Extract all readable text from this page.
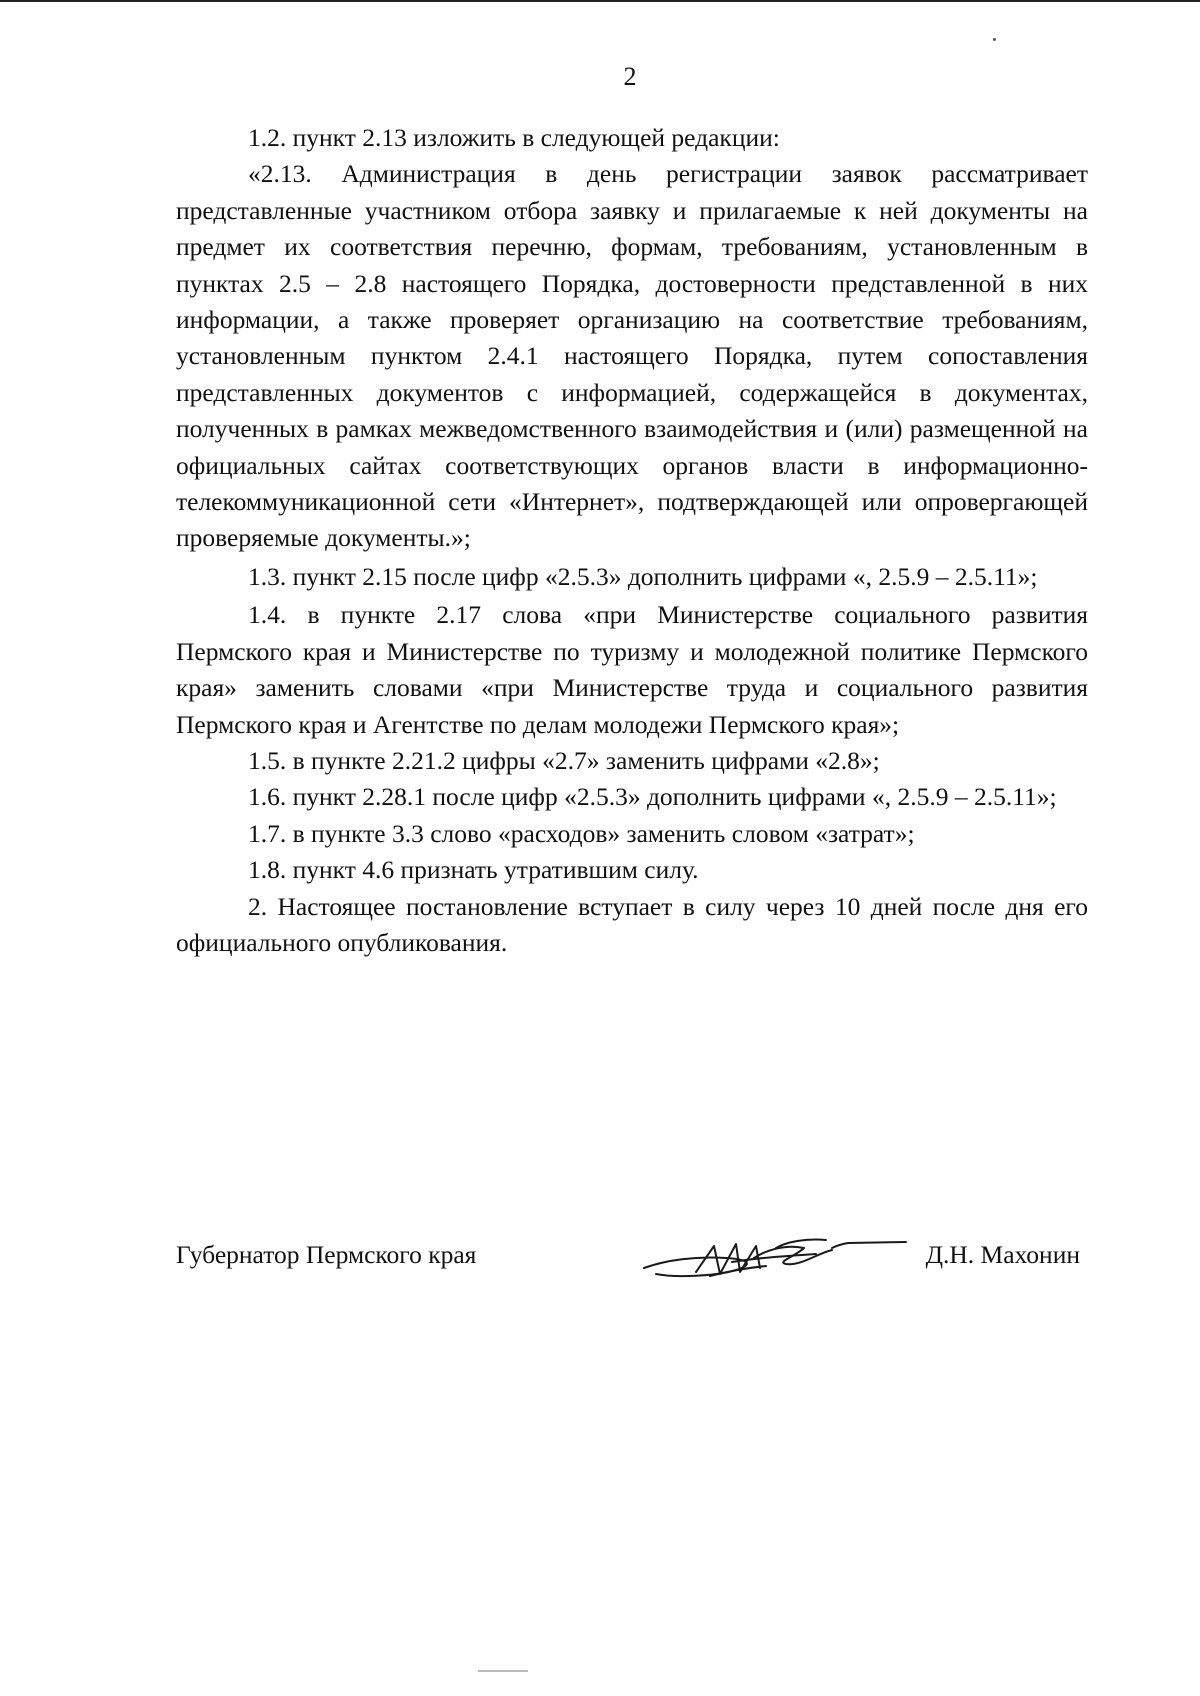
2

1.2. пункт 2.13 изложить в следующей редакции:

«2.13. Администрация в день регистрации заявок рассматривает представленные участником отбора заявку и прилагаемые к ней документы на предмет их соответствия перечню, формам, требованиям, установленным в пунктах 2.5 – 2.8 настоящего Порядка, достоверности представленной в них информации, а также проверяет организацию на соответствие требованиям, установленным пунктом 2.4.1 настоящего Порядка, путем сопоставления представленных документов с информацией, содержащейся в документах, полученных в рамках межведомственного взаимодействия и (или) размещенной на официальных сайтах соответствующих органов власти в информационно-телекоммуникационной сети «Интернет», подтверждающей или опровергающей проверяемые документы.»;

1.3. пункт 2.15 после цифр «2.5.3» дополнить цифрами «, 2.5.9 – 2.5.11»;

1.4. в пункте 2.17 слова «при Министерстве социального развития Пермского края и Министерстве по туризму и молодежной политике Пермского края» заменить словами «при Министерстве труда и социального развития Пермского края и Агентстве по делам молодежи Пермского края»;

1.5. в пункте 2.21.2 цифры «2.7» заменить цифрами «2.8»;

1.6. пункт 2.28.1 после цифр «2.5.3» дополнить цифрами «, 2.5.9 – 2.5.11»;

1.7. в пункте 3.3 слово «расходов» заменить словом «затрат»;

1.8. пункт 4.6 признать утратившим силу.

2. Настоящее постановление вступает в силу через 10 дней после дня его официального опубликования.

Губернатор Пермского края	Д.Н. Махонин
